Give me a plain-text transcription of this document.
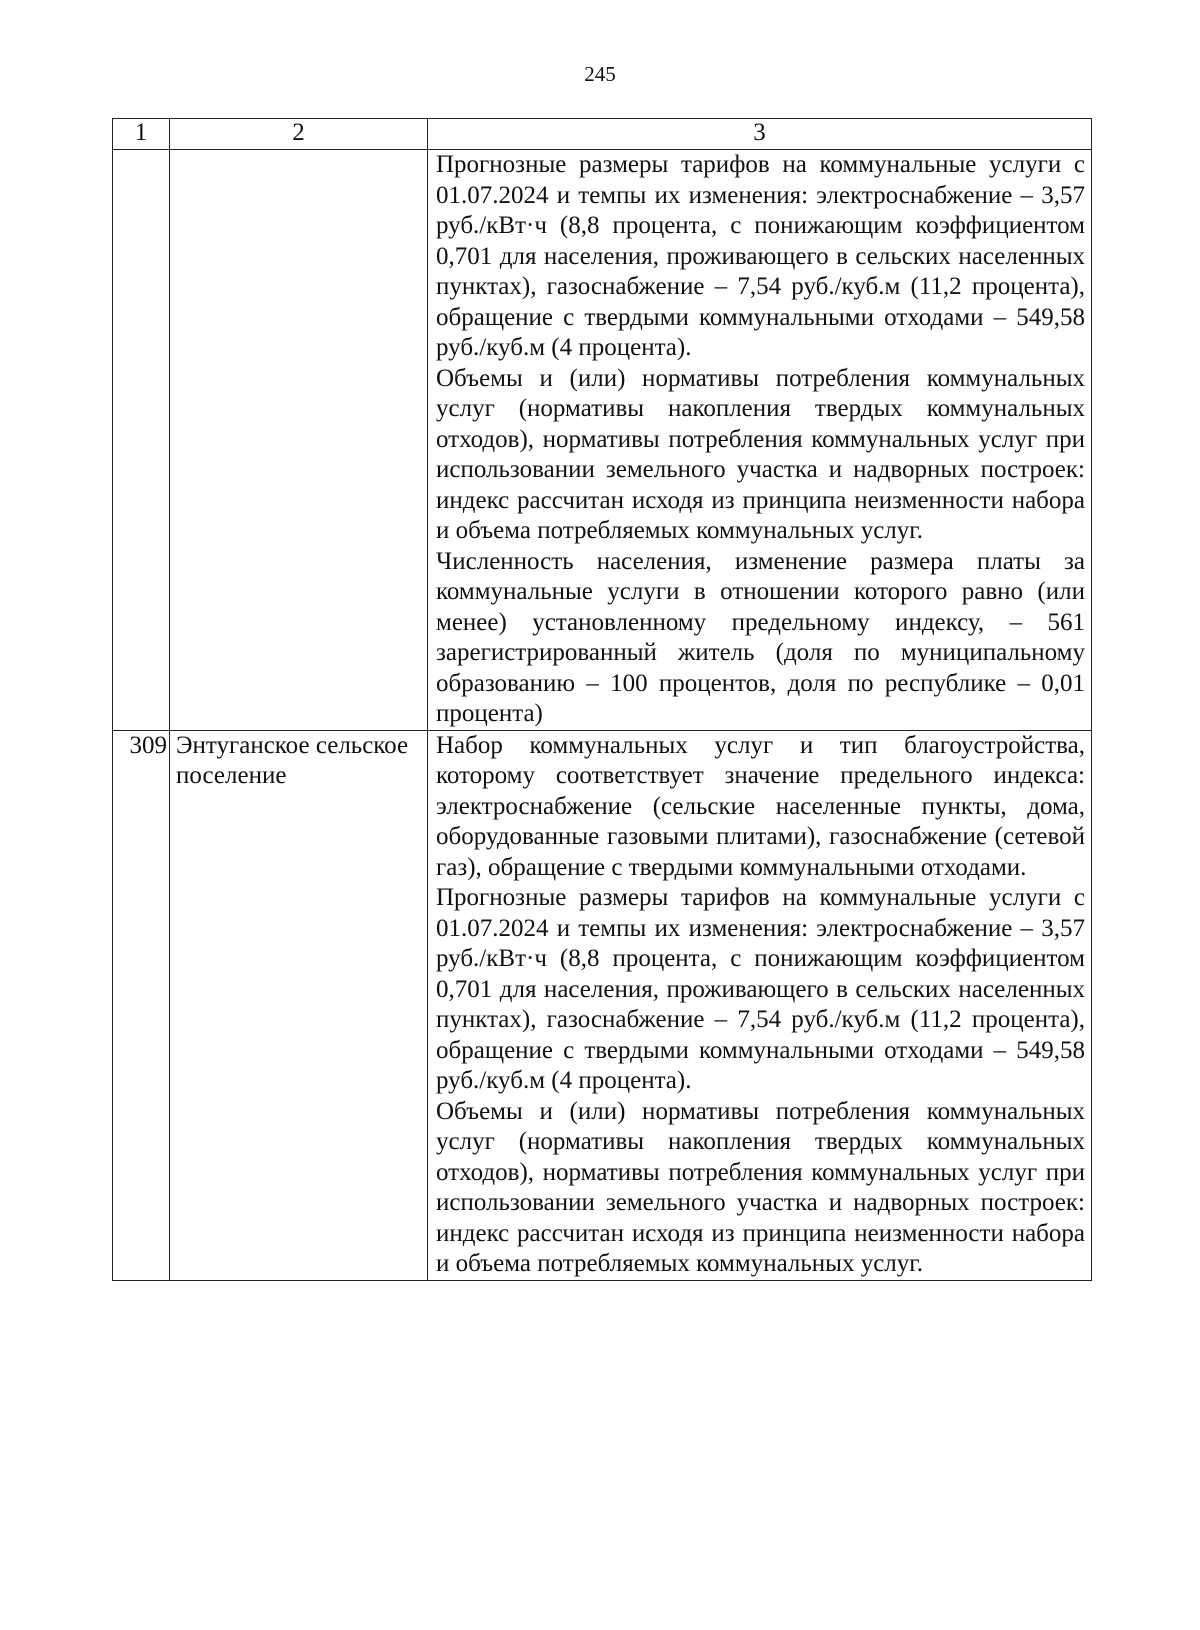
245
1	2	3

		Прогнозные размеры тарифов на коммунальные услуги с 01.07.2024 и темпы их изменения: электроснабжение – 3,57 руб./кВт·ч (8,8 процента, с понижающим коэффициентом 0,701 для населения, проживающего в сельских населенных пунктах), газоснабжение – 7,54 руб./куб.м (11,2 процента), обращение с твердыми коммунальными отходами – 549,58 руб./куб.м (4 процента).

Объемы и (или) нормативы потребления коммунальных услуг (нормативы накопления твердых коммунальных отходов), нормативы потребления коммунальных услуг при использовании земельного участка и надворных построек: индекс рассчитан исходя из принципа неизменности набора и объема потребляемых коммунальных услуг.

Численность населения, изменение размера платы за коммунальные услуги в отношении которого равно (или менее) установленному предельному индексу, – 561 зарегистрированный житель (доля по муниципальному образованию – 100 процентов, доля по республике – 0,01 процента)

309	Энтуганское сельское поселение	Набор коммунальных услуг и тип благоустройства, которому соответствует значение предельного индекса: электроснабжение (сельские населенные пункты, дома, оборудованные газовыми плитами), газоснабжение (сетевой газ), обращение с твердыми коммунальными отходами.

Прогнозные размеры тарифов на коммунальные услуги с 01.07.2024 и темпы их изменения: электроснабжение – 3,57 руб./кВт·ч (8,8 процента, с понижающим коэффициентом 0,701 для населения, проживающего в сельских населенных пунктах), газоснабжение – 7,54 руб./куб.м (11,2 процента), обращение с твердыми коммунальными отходами – 549,58 руб./куб.м (4 процента).

Объемы и (или) нормативы потребления коммунальных услуг (нормативы накопления твердых коммунальных отходов), нормативы потребления коммунальных услуг при использовании земельного участка и надворных построек: индекс рассчитан исходя из принципа неизменности набора и объема потребляемых коммунальных услуг.
